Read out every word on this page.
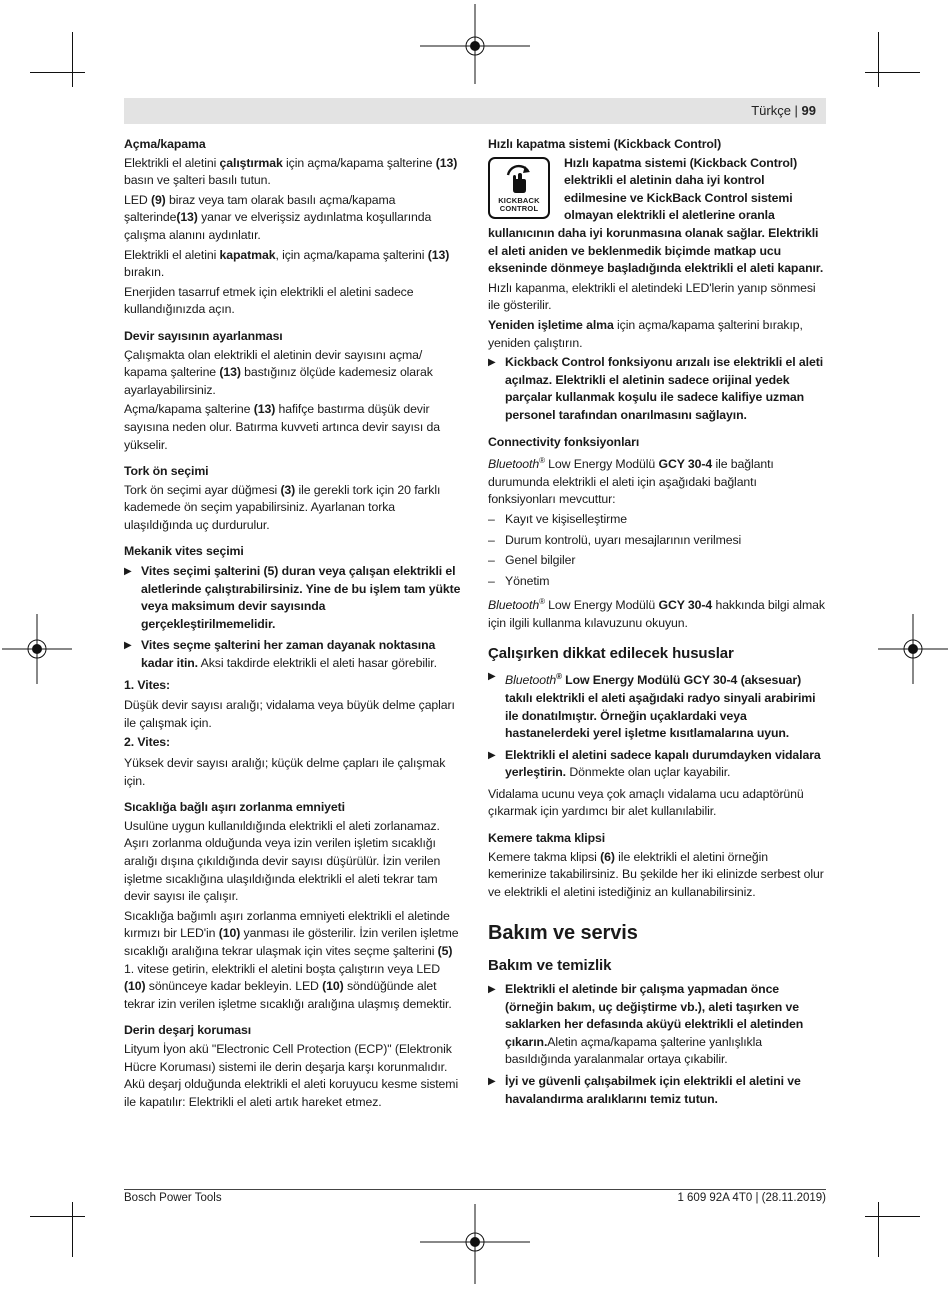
Türkçe | 99

Açma/kapama

Elektrikli el aletini çalıştırmak için açma/kapama şalterine (13) basın ve şalteri basılı tutun.

LED (9) biraz veya tam olarak basılı açma/kapama şalterinde(13) yanar ve elverişsiz aydınlatma koşullarında çalışma alanını aydınlatır.

Elektrikli el aletini kapatmak, için açma/kapama şalterini (13) bırakın.

Enerjiden tasarruf etmek için elektrikli el aletini sadece kullandığınızda açın.

Devir sayısının ayarlanması

Çalışmakta olan elektrikli el aletinin devir sayısını açma/ kapama şalterine (13) bastığınız ölçüde kademesiz olarak ayarlayabilirsiniz.

Açma/kapama şalterine (13) hafifçe bastırma düşük devir sayısına neden olur. Batırma kuvveti artınca devir sayısı da yükselir.

Tork ön seçimi

Tork ön seçimi ayar düğmesi (3) ile gerekli tork için 20 farklı kademede ön seçim yapabilirsiniz. Ayarlanan torka ulaşıldığında uç durdurulur.

Mekanik vites seçimi

▶ Vites seçimi şalterini (5) duran veya çalışan elektrikli el aletlerinde çalıştırabilirsiniz. Yine de bu işlem tam yükte veya maksimum devir sayısında gerçekleştirilmemelidir.

▶ Vites seçme şalterini her zaman dayanak noktasına kadar itin. Aksi takdirde elektrikli el aleti hasar görebilir.

1. Vites:

Düşük devir sayısı aralığı; vidalama veya büyük delme çapları ile çalışmak için.

2. Vites:

Yüksek devir sayısı aralığı; küçük delme çapları ile çalışmak için.

Sıcaklığa bağlı aşırı zorlanma emniyeti

Usulüne uygun kullanıldığında elektrikli el aleti zorlanamaz. Aşırı zorlanma olduğunda veya izin verilen işletim sıcaklığı aralığı dışına çıkıldığında devir sayısı düşürülür. İzin verilen işletme sıcaklığına ulaşıldığında elektrikli el aleti tekrar tam devir sayısı ile çalışır.

Sıcaklığa bağımlı aşırı zorlanma emniyeti elektrikli el aletinde kırmızı bir LED'in (10) yanması ile gösterilir. İzin verilen işletme sıcaklığı aralığına tekrar ulaşmak için vites seçme şalterini (5) 1. vitese getirin, elektrikli el aletini boşta çalıştırın veya LED (10) sönünceye kadar bekleyin. LED (10) söndüğünde alet tekrar izin verilen işletme sıcaklığı aralığına ulaşmış demektir.

Derin deşarj koruması

Lityum İyon akü "Electronic Cell Protection (ECP)" (Elektronik Hücre Koruması) sistemi ile derin deşarja karşı korunmalıdır. Akü deşarj olduğunda elektrikli el aleti koruyucu kesme sistemi ile kapatılır: Elektrikli el aleti artık hareket etmez.

Hızlı kapatma sistemi (Kickback Control)

KICKBACK
CONTROL

Hızlı kapatma sistemi (Kickback Control) elektrikli el aletinin daha iyi kontrol edilmesine ve KickBack Control sistemi olmayan elektrikli el aletlerine oranla kullanıcının daha iyi korunmasına olanak sağlar. Elektrikli el aleti aniden ve beklenmedik biçimde matkap ucu ekseninde dönmeye başladığında elektrikli el aleti kapanır.

Hızlı kapanma, elektrikli el aletindeki LED'lerin yanıp sönmesi ile gösterilir.

Yeniden işletime alma için açma/kapama şalterini bırakıp, yeniden çalıştırın.

▶ Kickback Control fonksiyonu arızalı ise elektrikli el aleti açılmaz. Elektrikli el aletinin sadece orijinal yedek parçalar kullanmak koşulu ile sadece kalifiye uzman personel tarafından onarılmasını sağlayın.

Connectivity fonksiyonları

Bluetooth® Low Energy Modülü GCY 30-4 ile bağlantı durumunda elektrikli el aleti için aşağıdaki bağlantı fonksiyonları mevcuttur:

– Kayıt ve kişiselleştirme

– Durum kontrolü, uyarı mesajlarının verilmesi

– Genel bilgiler

– Yönetim

Bluetooth® Low Energy Modülü GCY 30-4 hakkında bilgi almak için ilgili kullanma kılavuzunu okuyun.

Çalışırken dikkat edilecek hususlar

▶ Bluetooth® Low Energy Modülü GCY 30-4 (aksesuar) takılı elektrikli el aleti aşağıdaki radyo sinyali arabirimi ile donatılmıştır. Örneğin uçaklardaki veya hastanelerdeki yerel işletme kısıtlamalarına uyun.

▶ Elektrikli el aletini sadece kapalı durumdayken vidalara yerleştirin. Dönmekte olan uçlar kayabilir.

Vidalama ucunu veya çok amaçlı vidalama ucu adaptörünü çıkarmak için yardımcı bir alet kullanılabilir.

Kemere takma klipsi

Kemere takma klipsi (6) ile elektrikli el aletini örneğin kemerinize takabilirsiniz. Bu şekilde her iki elinizde serbest olur ve elektrikli el aletini istediğiniz an kullanabilirsiniz.

Bakım ve servis

Bakım ve temizlik

▶ Elektrikli el aletinde bir çalışma yapmadan önce (örneğin bakım, uç değiştirme vb.), aleti taşırken ve saklarken her defasında aküyü elektrikli el aletinden çıkarın.Aletin açma/kapama şalterine yanlışlıkla basıldığında yaralanmalar ortaya çıkabilir.

▶ İyi ve güvenli çalışabilmek için elektrikli el aletini ve havalandırma aralıklarını temiz tutun.

Bosch Power Tools	1 609 92A 4T0 | (28.11.2019)
